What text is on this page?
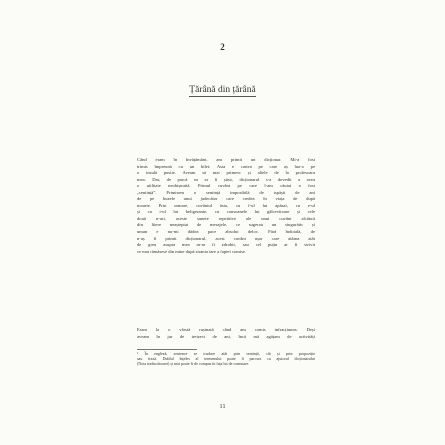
2
Țărână din țărână
Când eram în învățământ, am primit un dicționar. Mi-a fost
trimis împreună cu un bilet: Asta e cartea pe care aș lua-o pe
o insulă pustie. Aveam să mai primesc și altele de la profesoara
mea. Dar, de parcă ea ar fi știut, dicționarul s-a dovedit a avea
o utilitate neobișnuită. Primul cuvânt pe care l-am căutat a fost
„sentință”. Primisem o sentință imposibilă de ispășit de ani
de pe buzele unui judecător care credea în viața de după
moarte. Prin urmare, cuvântul ăsta, cu f-ul lui apăsat, cu e-ul
și cu t-ul lui beligerante, cu consoanele lui gâlcevitoare și cele
două n-uri, aceste sunete repetitive ale unui cuvânt alcătuit
din litere neașteptat de mesajele, ce sugerau un singurătic și
uman e nu-mi dădea pace absolut deloc. Fără îndoială, de
n-aș fi primit dicționarul, acest cuvânt ușor care atârna atât
de greu asupra mea m-ar fi zdrobit, sau cel puțin ar fi strivit
ce mai rămăsese din mine după strania tare a faptei comise.
Eram la o vârstă rușinată când am comis infracțiunea. Deși
aveam în jur de treizeci de ani, încă mă agățam de activități
¹ În engleză, sentence se traduce atât prin sentință, cât și prin propoziție
sau frază. Dublul înțeles al termenului poate fi parcurs cu ajutorul dicționarului
(Nota traducătoarei) și mai poate fi de compus în fața lui de comutare.
11
